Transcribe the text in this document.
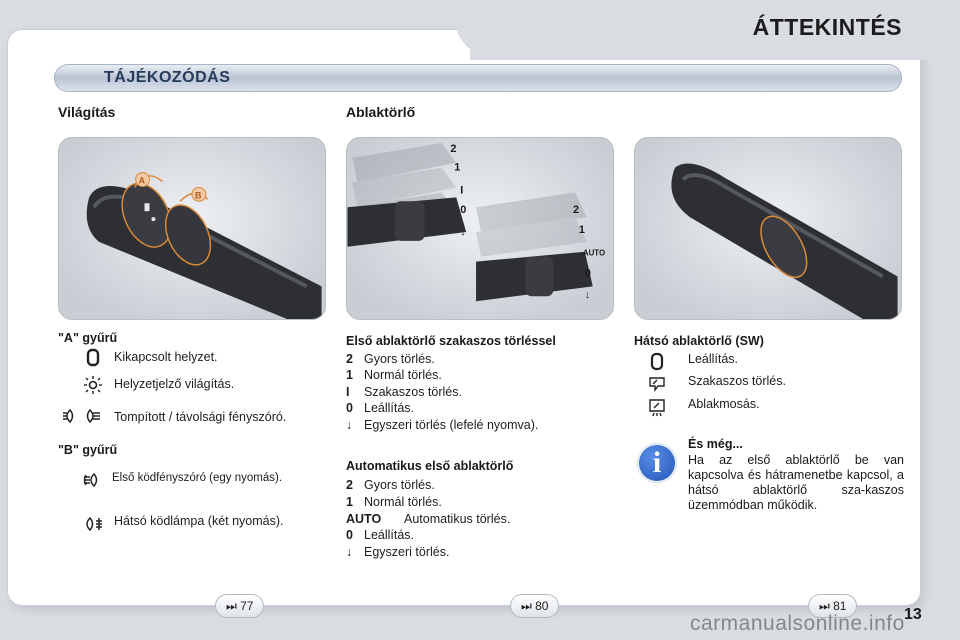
ÁTTEKINTÉS
TÁJÉKOZÓDÁS
Világítás	Ablaktörlő
A
B
2
1
I
0
↓
2
1
AUTO
0
↓
"A" gyűrű
Kikapcsolt helyzet.
Helyzetjelző világítás.
Tompított / távolsági fényszóró.
"B" gyűrű
Első ködfényszóró (egy nyomás).
Hátsó ködlámpa (két nyomás).
Első ablaktörlő szakaszos törléssel
2 Gyors törlés.
1 Normál törlés.
I Szakaszos törlés.
0 Leállítás.
↓ Egyszeri törlés (lefelé nyomva).
Automatikus első ablaktörlő
2 Gyors törlés.
1 Normál törlés.
AUTO Automatikus törlés.
0 Leállítás.
↓ Egyszeri törlés.
Hátsó ablaktörlő (SW)
Leállítás.
Szakaszos törlés.
Ablakmosás.
i
És még...
Ha az első ablaktörlő be van kapcsolva és hátramenetbe kapcsol, a hátsó ablaktörlő sza-kaszos üzemmódban működik.
⏭ 77	⏭ 80	⏭ 81
carmanualsonline.info 13
